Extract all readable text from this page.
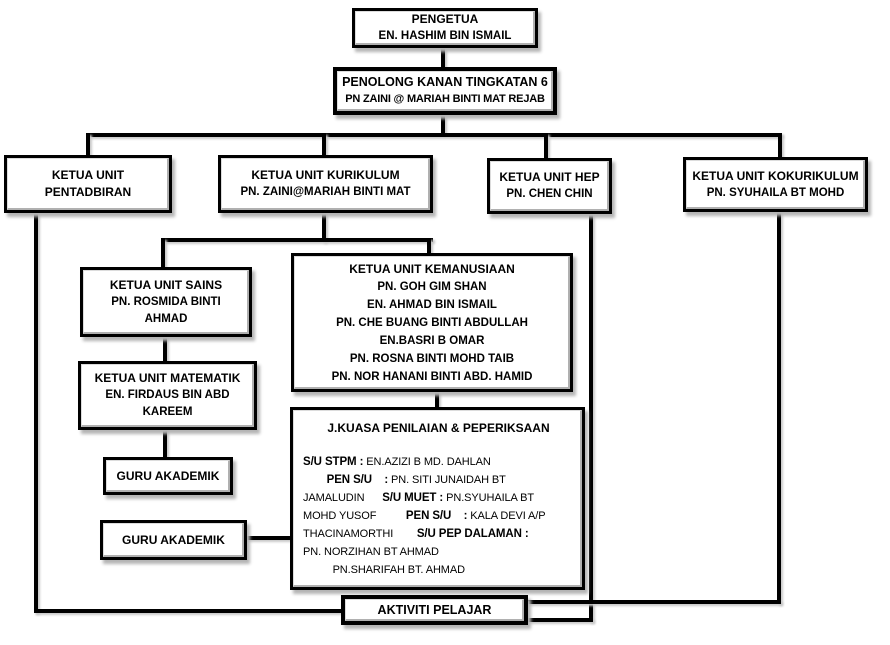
PENGETUA
EN. HASHIM BIN ISMAIL
PENOLONG KANAN TINGKATAN 6
PN ZAINI @ MARIAH BINTI MAT REJAB
KETUA UNIT
PENTADBIRAN
KETUA UNIT KURIKULUM
PN. ZAINI@MARIAH BINTI MAT
KETUA UNIT HEP
PN. CHEN CHIN
KETUA UNIT KOKURIKULUM
PN. SYUHAILA BT MOHD
KETUA UNIT SAINS
PN. ROSMIDA BINTI
AHMAD
KETUA UNIT KEMANUSIAAN
PN. GOH GIM SHAN
EN. AHMAD BIN ISMAIL
PN. CHE BUANG BINTI ABDULLAH
EN.BASRI B OMAR
PN. ROSNA BINTI MOHD TAIB
PN. NOR HANANI BINTI ABD. HAMID
KETUA UNIT MATEMATIK
EN. FIRDAUS BIN ABD
KAREEM
GURU AKADEMIK
GURU AKADEMIK
J.KUASA PENILAIAN & PEPERIKSAAN
S/U STPM : EN.AZIZI B MD. DAHLAN
PEN S/U    : PN. SITI JUNAIDAH BT
JAMALUDIN      S/U MUET : PN.SYUHAILA BT
MOHD YUSOF          PEN S/U    : KALA DEVI A/P
THACINAMORTHI        S/U PEP DALAMAN :
PN. NORZIHAN BT AHMAD
PN.SHARIFAH BT. AHMAD
AKTIVITI PELAJAR
